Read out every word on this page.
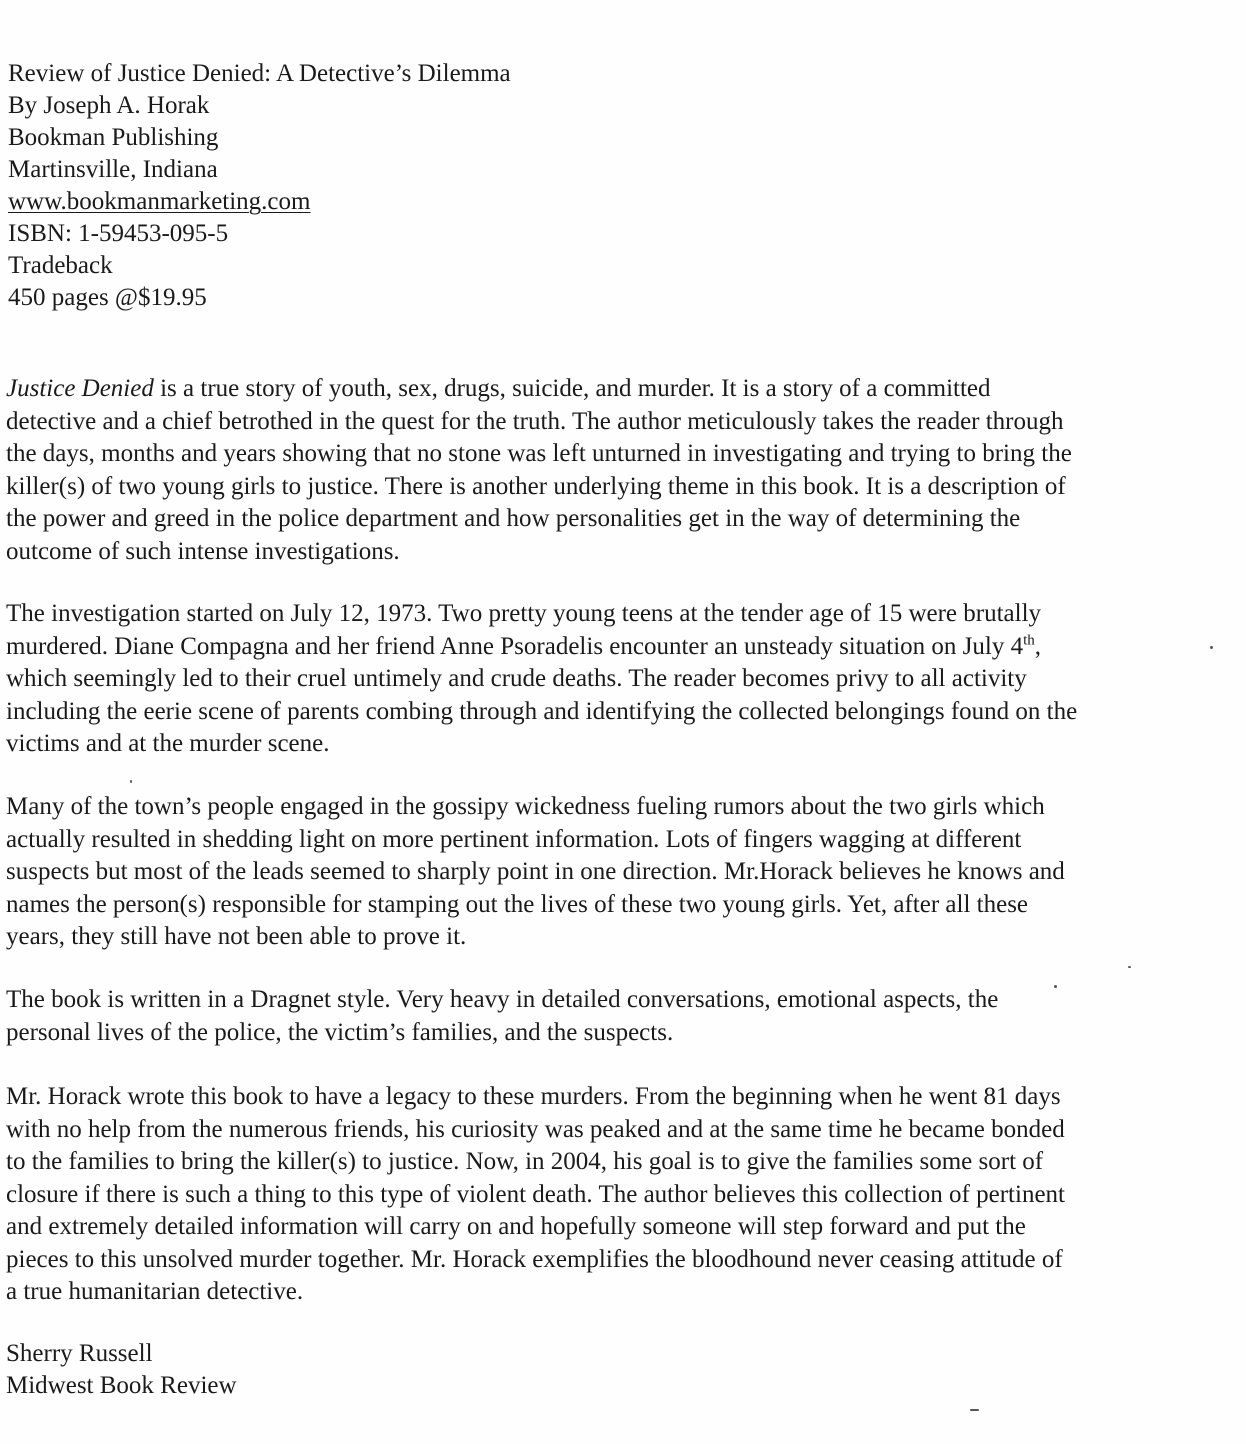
Review of Justice Denied: A Detective’s Dilemma
By Joseph A. Horak
Bookman Publishing
Martinsville, Indiana
www.bookmanmarketing.com
ISBN: 1-59453-095-5
Tradeback
450 pages @$19.95

Justice Denied is a true story of youth, sex, drugs, suicide, and murder. It is a story of a committed
detective and a chief betrothed in the quest for the truth. The author meticulously takes the reader through
the days, months and years showing that no stone was left unturned in investigating and trying to bring the
killer(s) of two young girls to justice. There is another underlying theme in this book. It is a description of
the power and greed in the police department and how personalities get in the way of determining the
outcome of such intense investigations.

The investigation started on July 12, 1973. Two pretty young teens at the tender age of 15 were brutally
murdered. Diane Compagna and her friend Anne Psoradelis encounter an unsteady situation on July 4th,
which seemingly led to their cruel untimely and crude deaths. The reader becomes privy to all activity
including the eerie scene of parents combing through and identifying the collected belongings found on the
victims and at the murder scene.

Many of the town’s people engaged in the gossipy wickedness fueling rumors about the two girls which
actually resulted in shedding light on more pertinent information. Lots of fingers wagging at different
suspects but most of the leads seemed to sharply point in one direction. Mr.Horack believes he knows and
names the person(s) responsible for stamping out the lives of these two young girls. Yet, after all these
years, they still have not been able to prove it.

The book is written in a Dragnet style. Very heavy in detailed conversations, emotional aspects, the
personal lives of the police, the victim’s families, and the suspects.

Mr. Horack wrote this book to have a legacy to these murders. From the beginning when he went 81 days
with no help from the numerous friends, his curiosity was peaked and at the same time he became bonded
to the families to bring the killer(s) to justice. Now, in 2004, his goal is to give the families some sort of
closure if there is such a thing to this type of violent death. The author believes this collection of pertinent
and extremely detailed information will carry on and hopefully someone will step forward and put the
pieces to this unsolved murder together. Mr. Horack exemplifies the bloodhound never ceasing attitude of
a true humanitarian detective.

Sherry Russell
Midwest Book Review
